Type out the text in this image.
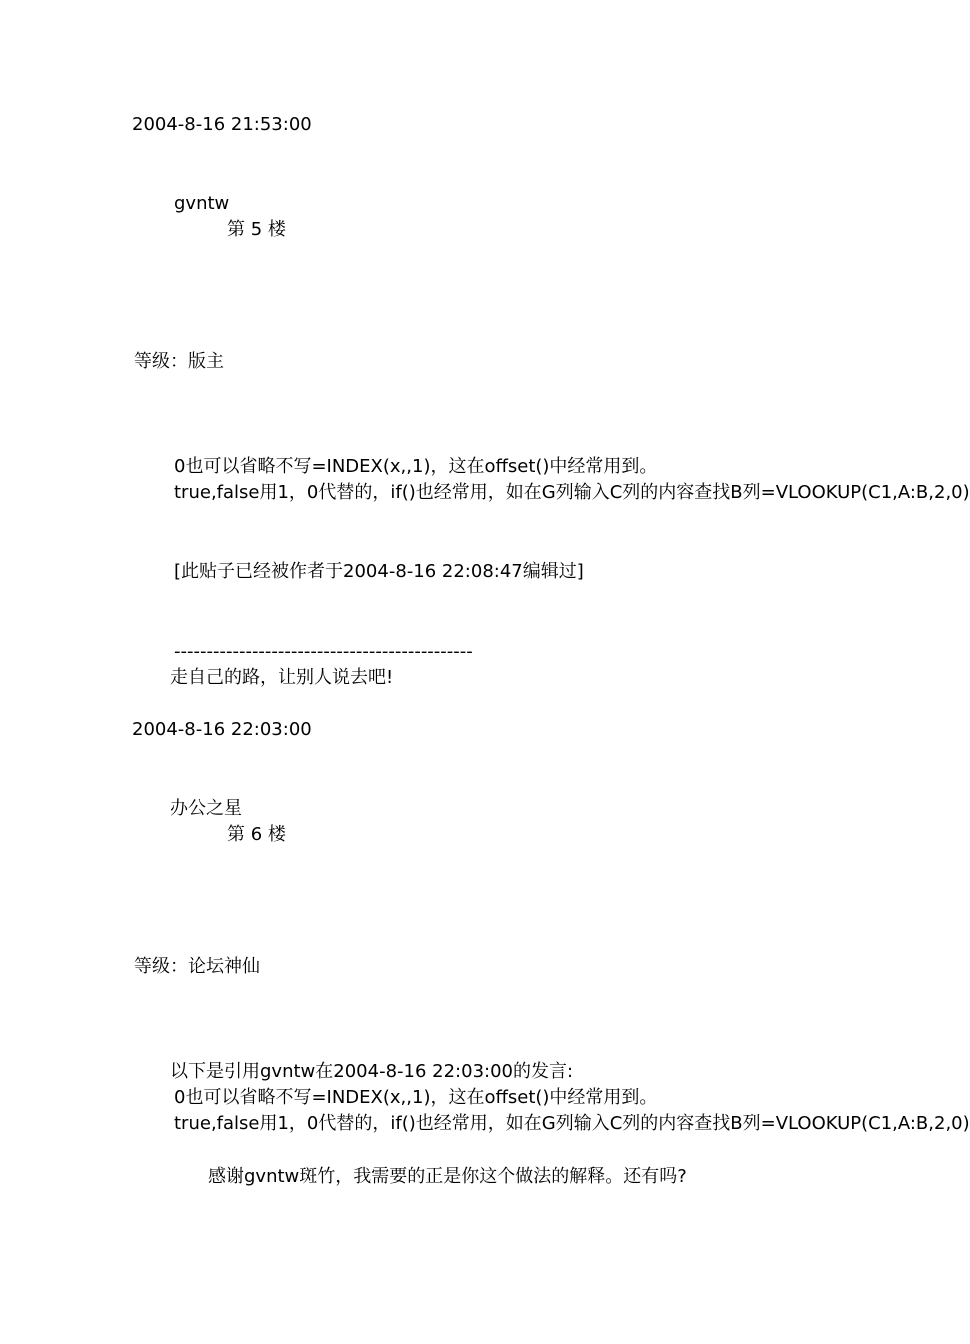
2004-8-16 21:53:00
gvntw
第 5 楼
等级：版主
0也可以省略不写=INDEX(x,,1)，这在offset()中经常用到。
true,false用1，0代替的，if()也经常用，如在G列输入C列的内容查找B列=VLOOKUP(C1,A:B,2,0)
[此贴子已经被作者于2004-8-16 22:08:47编辑过]
----------------------------------------------
走自己的路，让别人说去吧!
2004-8-16 22:03:00
办公之星
第 6 楼
等级：论坛神仙
以下是引用gvntw在2004-8-16 22:03:00的发言:
0也可以省略不写=INDEX(x,,1)，这在offset()中经常用到。
true,false用1，0代替的，if()也经常用，如在G列输入C列的内容查找B列=VLOOKUP(C1,A:B,2,0)
感谢gvntw斑竹，我需要的正是你这个做法的解释。还有吗?
